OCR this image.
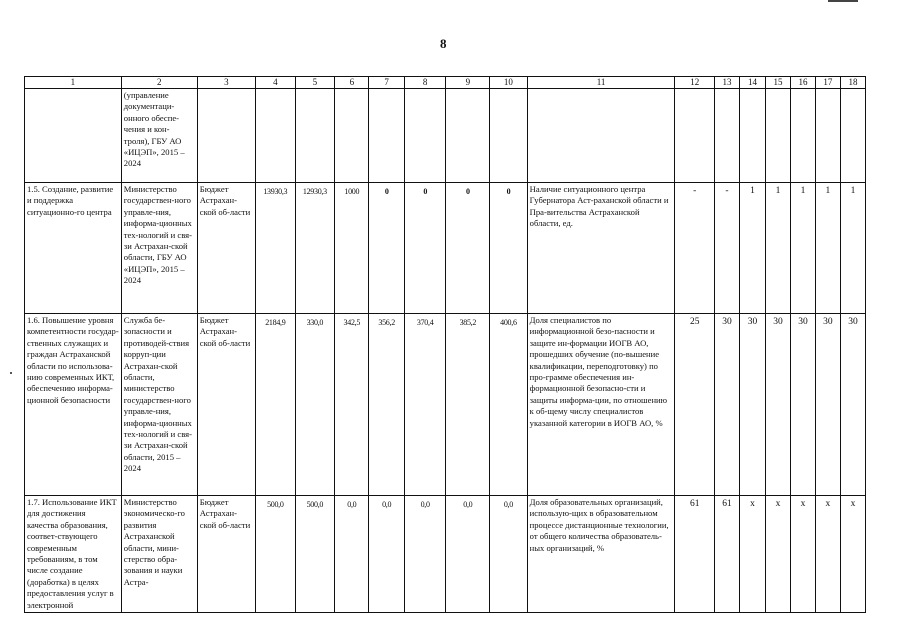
8
1	2	3	4	5	6	7	8	9	10	11	12	13	14	15	16	17	18
	(управление документаци-онного обеспе-чения и кон-троля), ГБУ АО «ИЦЭП», 2015 – 2024																
1.5. Создание, развитие и поддержка ситуационно-го центра	Министерство государствен-ного управле-ния, информа-ционных тех-нологий и свя-зи Астрахан-ской области, ГБУ АО «ИЦЭП», 2015 – 2024	Бюджет Астрахан-ской об-ласти	13930,3	12930,3	1000	0	0	0	0	Наличие ситуационного центра Губернатора Аст-раханской области и Пра-вительства Астраханской области, ед.	-	-	1	1	1	1	1
1.6. Повышение уровня компетентности государ-ственных служащих и граждан Астраханской области по использова-нию современных ИКТ, обеспечению информа-ционной безопасности	Служба бе-зопасности и противодей-ствия корруп-ции Астрахан-ской области, министерство государствен-ного управле-ния, информа-ционных тех-нологий и свя-зи Астрахан-ской области, 2015 – 2024	Бюджет Астрахан-ской об-ласти	2184,9	330,0	342,5	356,2	370,4	385,2	400,6	Доля специалистов по информационной безо-пасности и защите ин-формации ИОГВ АО, прошедших обучение (по-вышение квалификации, переподготовку) по про-грамме обеспечения ин-формационной безопасно-сти и защиты информа-ции, по отношению к об-щему числу специалистов указанной категории в ИОГВ АО, %	25	30	30	30	30	30	30
1.7. Использование ИКТ для достижения качества образования, соответ-ствующего современным требованиям, в том числе создание (доработка) в целях предоставления услуг в электронной	Министерство экономическо-го развития Астраханской области, мини-стерство обра-зования и науки Астра-	Бюджет Астрахан-ской об-ласти	500,0	500,0	0,0	0,0	0,0	0,0	0,0	Доля образовательных организаций, использую-щих в образовательном процессе дистанционные технологии, от общего количества образователь-ных организаций, %	61	61	x	x	x	x	x
